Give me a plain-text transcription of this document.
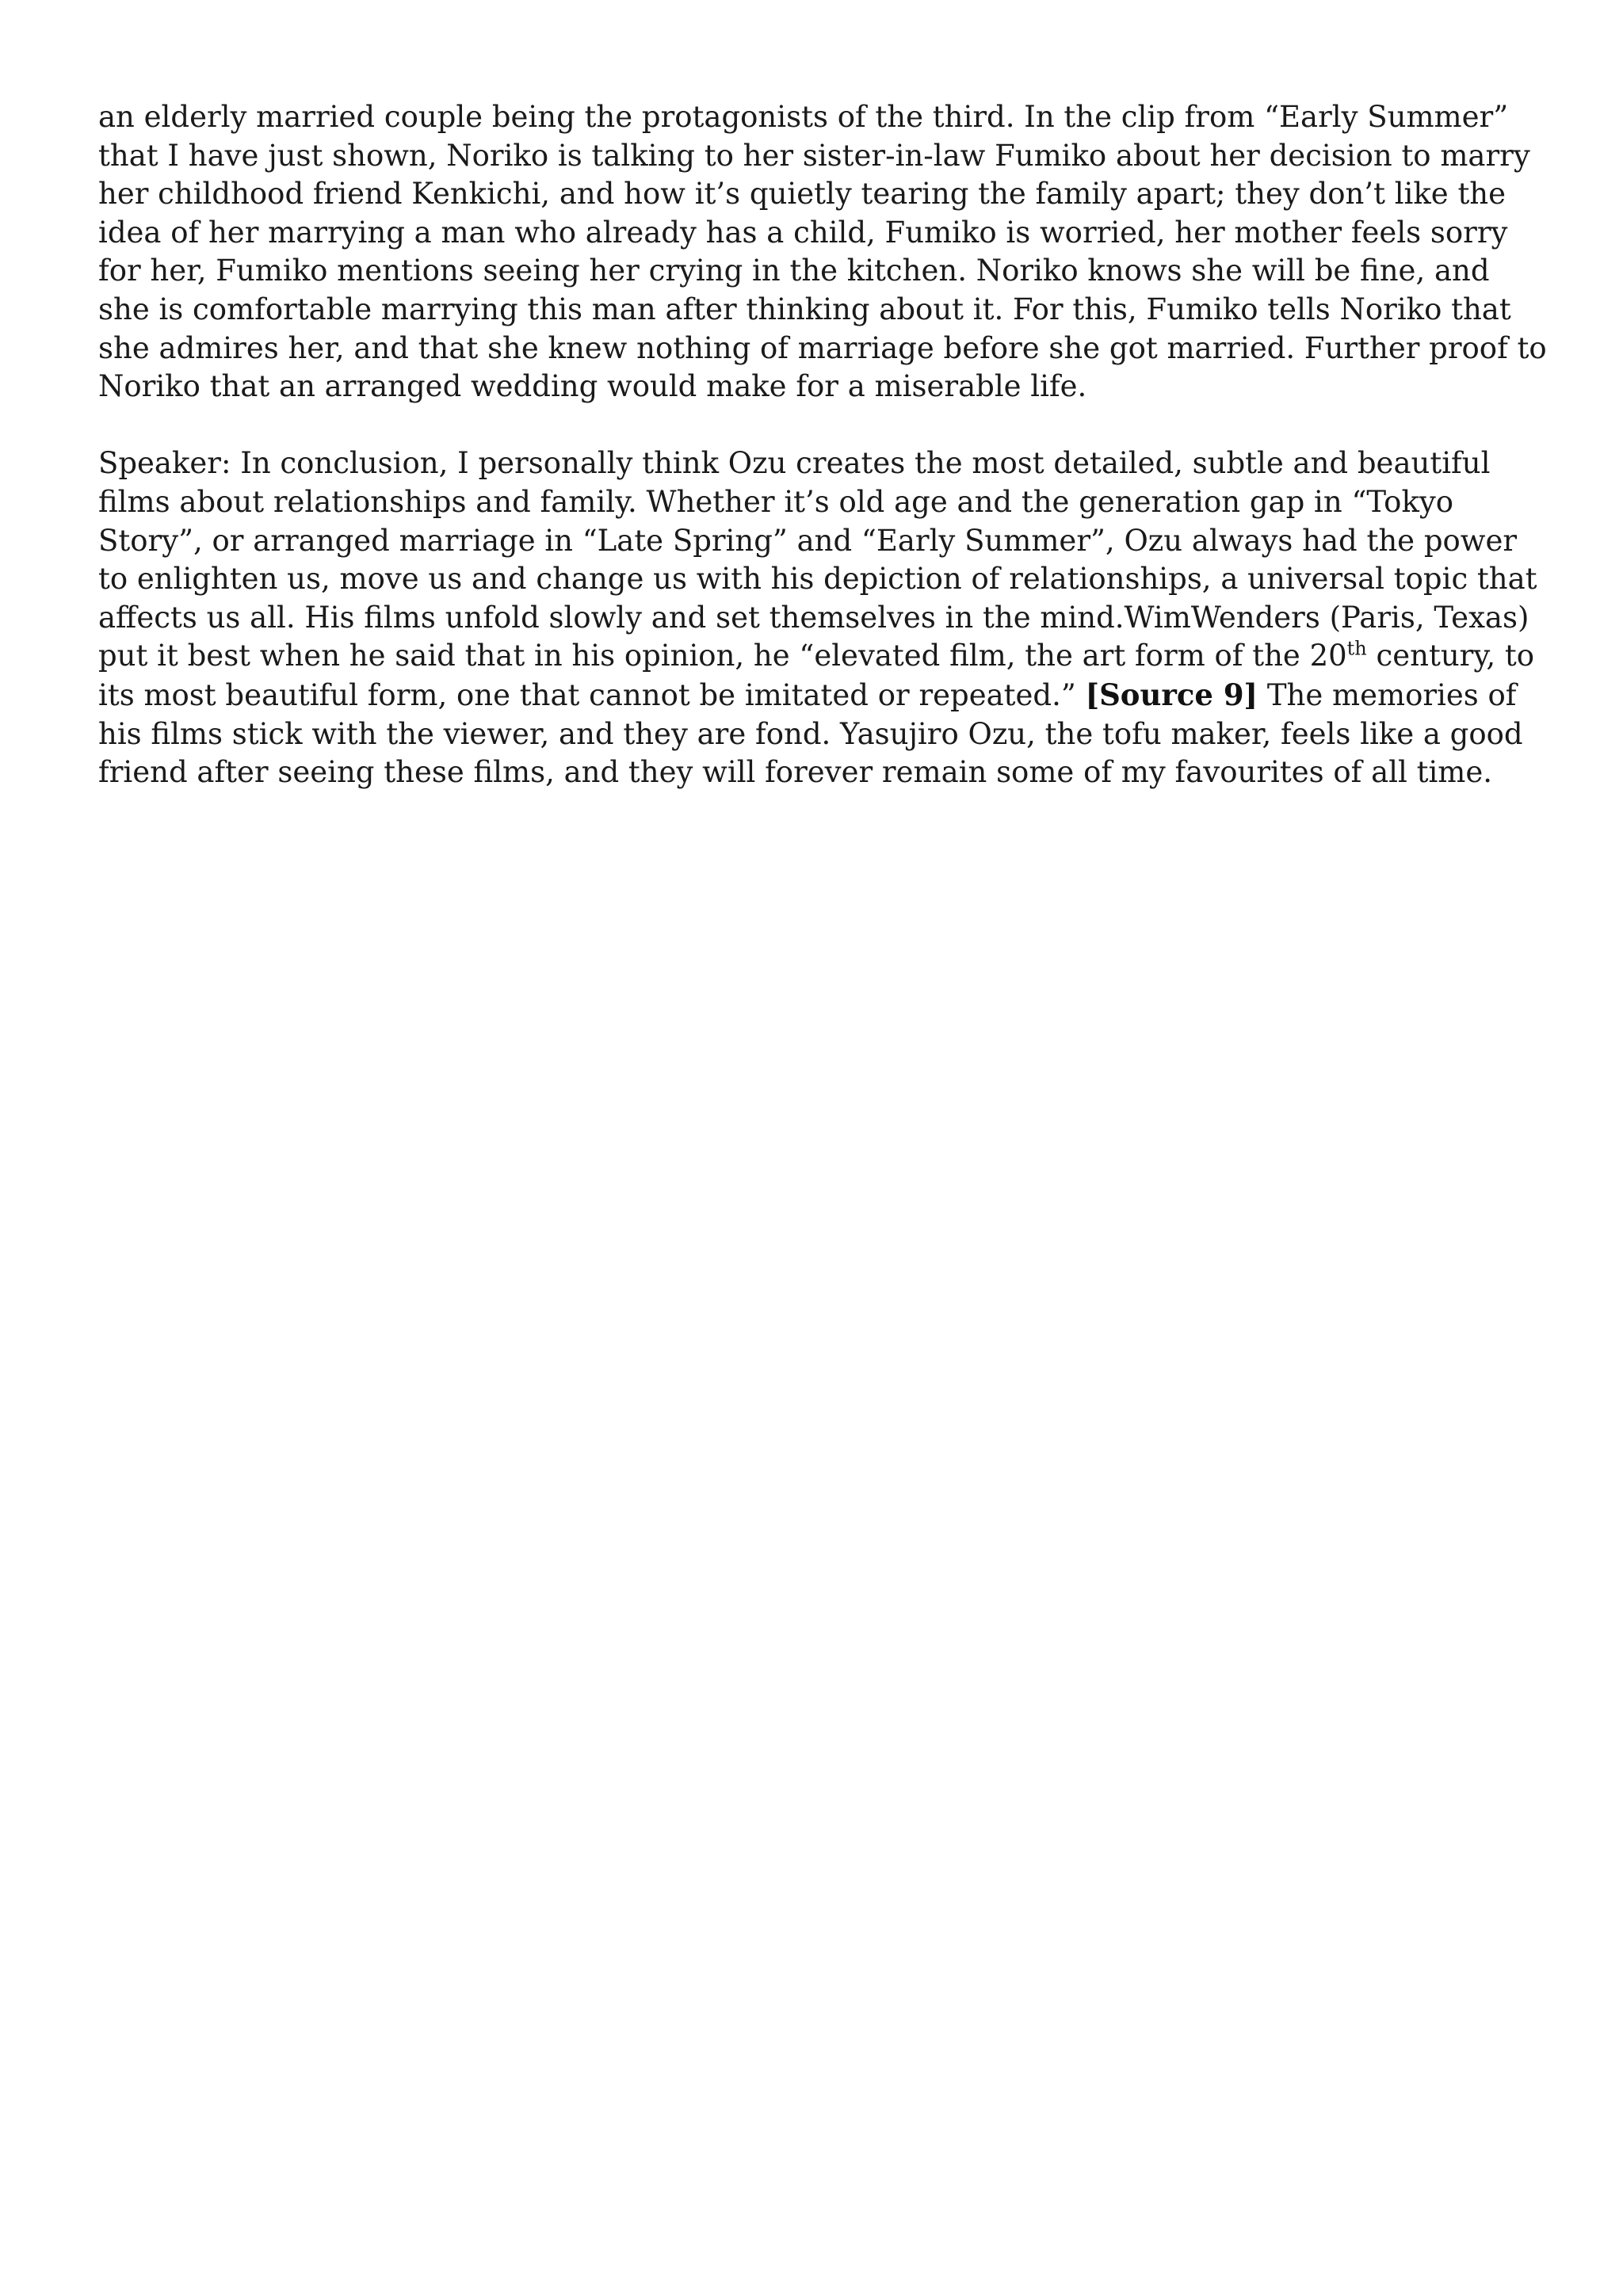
an elderly married couple being the protagonists of the third. In the clip from “Early Summer” that I have just shown, Noriko is talking to her sister-in-law Fumiko about her decision to marry her childhood friend Kenkichi, and how it’s quietly tearing the family apart; they don’t like the idea of her marrying a man who already has a child, Fumiko is worried, her mother feels sorry for her, Fumiko mentions seeing her crying in the kitchen. Noriko knows she will be fine, and she is comfortable marrying this man after thinking about it. For this, Fumiko tells Noriko that she admires her, and that she knew nothing of marriage before she got married. Further proof to Noriko that an arranged wedding would make for a miserable life.

Speaker: In conclusion, I personally think Ozu creates the most detailed, subtle and beautiful films about relationships and family. Whether it’s old age and the generation gap in “Tokyo Story”, or arranged marriage in “Late Spring” and “Early Summer”, Ozu always had the power to enlighten us, move us and change us with his depiction of relationships, a universal topic that affects us all. His films unfold slowly and set themselves in the mind.WimWenders (Paris, Texas) put it best when he said that in his opinion, he “elevated film, the art form of the 20th century, to its most beautiful form, one that cannot be imitated or repeated.” [Source 9] The memories of his films stick with the viewer, and they are fond. Yasujiro Ozu, the tofu maker, feels like a good friend after seeing these films, and they will forever remain some of my favourites of all time.
